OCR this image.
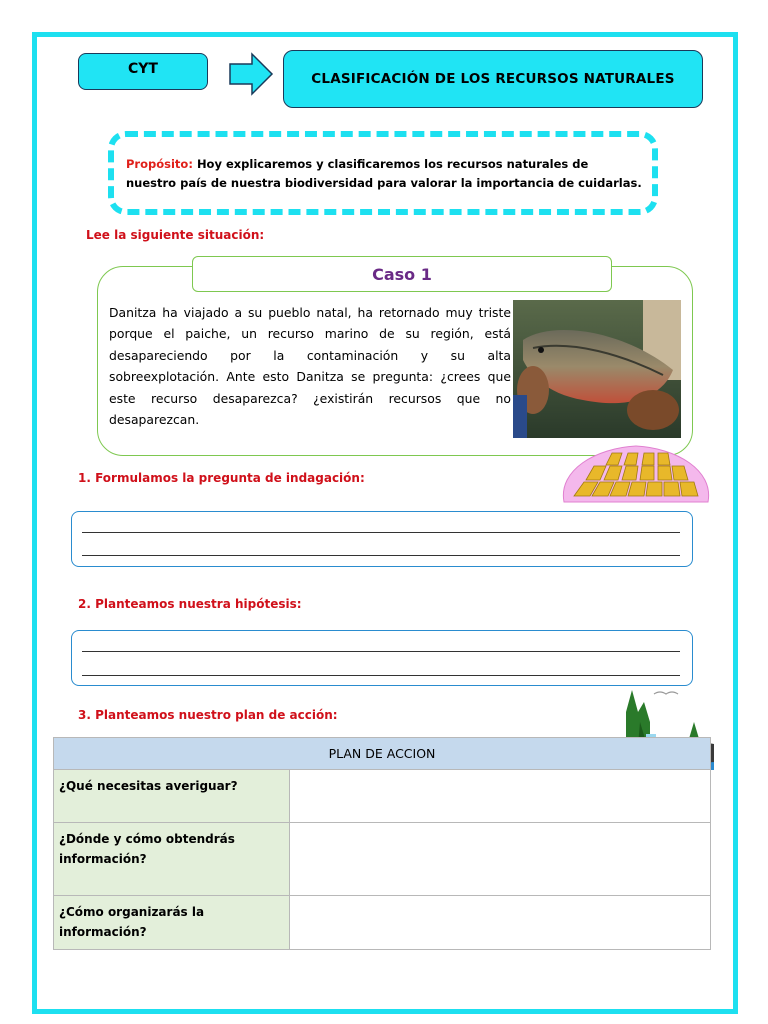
CYT
CLASIFICACIÓN DE LOS RECURSOS NATURALES
Propósito: Hoy explicaremos y clasificaremos los recursos naturales de nuestro país de nuestra biodiversidad para valorar la importancia de cuidarlas.
Lee la siguiente situación:
Caso 1
Danitza ha viajado a su pueblo natal, ha retornado muy triste porque el paiche, un recurso marino de su región, está desapareciendo por la contaminación y su alta sobreexplotación. Ante esto Danitza se pregunta: ¿crees que este recurso desaparezca? ¿existirán recursos que no desaparezcan.
1. Formulamos la pregunta de indagación:
2. Planteamos nuestra hipótesis:
3. Planteamos nuestro plan de acción:
PLAN DE ACCION	
¿Qué necesitas averiguar?	
¿Dónde y cómo obtendrás información?	
¿Cómo organizarás la información?	
